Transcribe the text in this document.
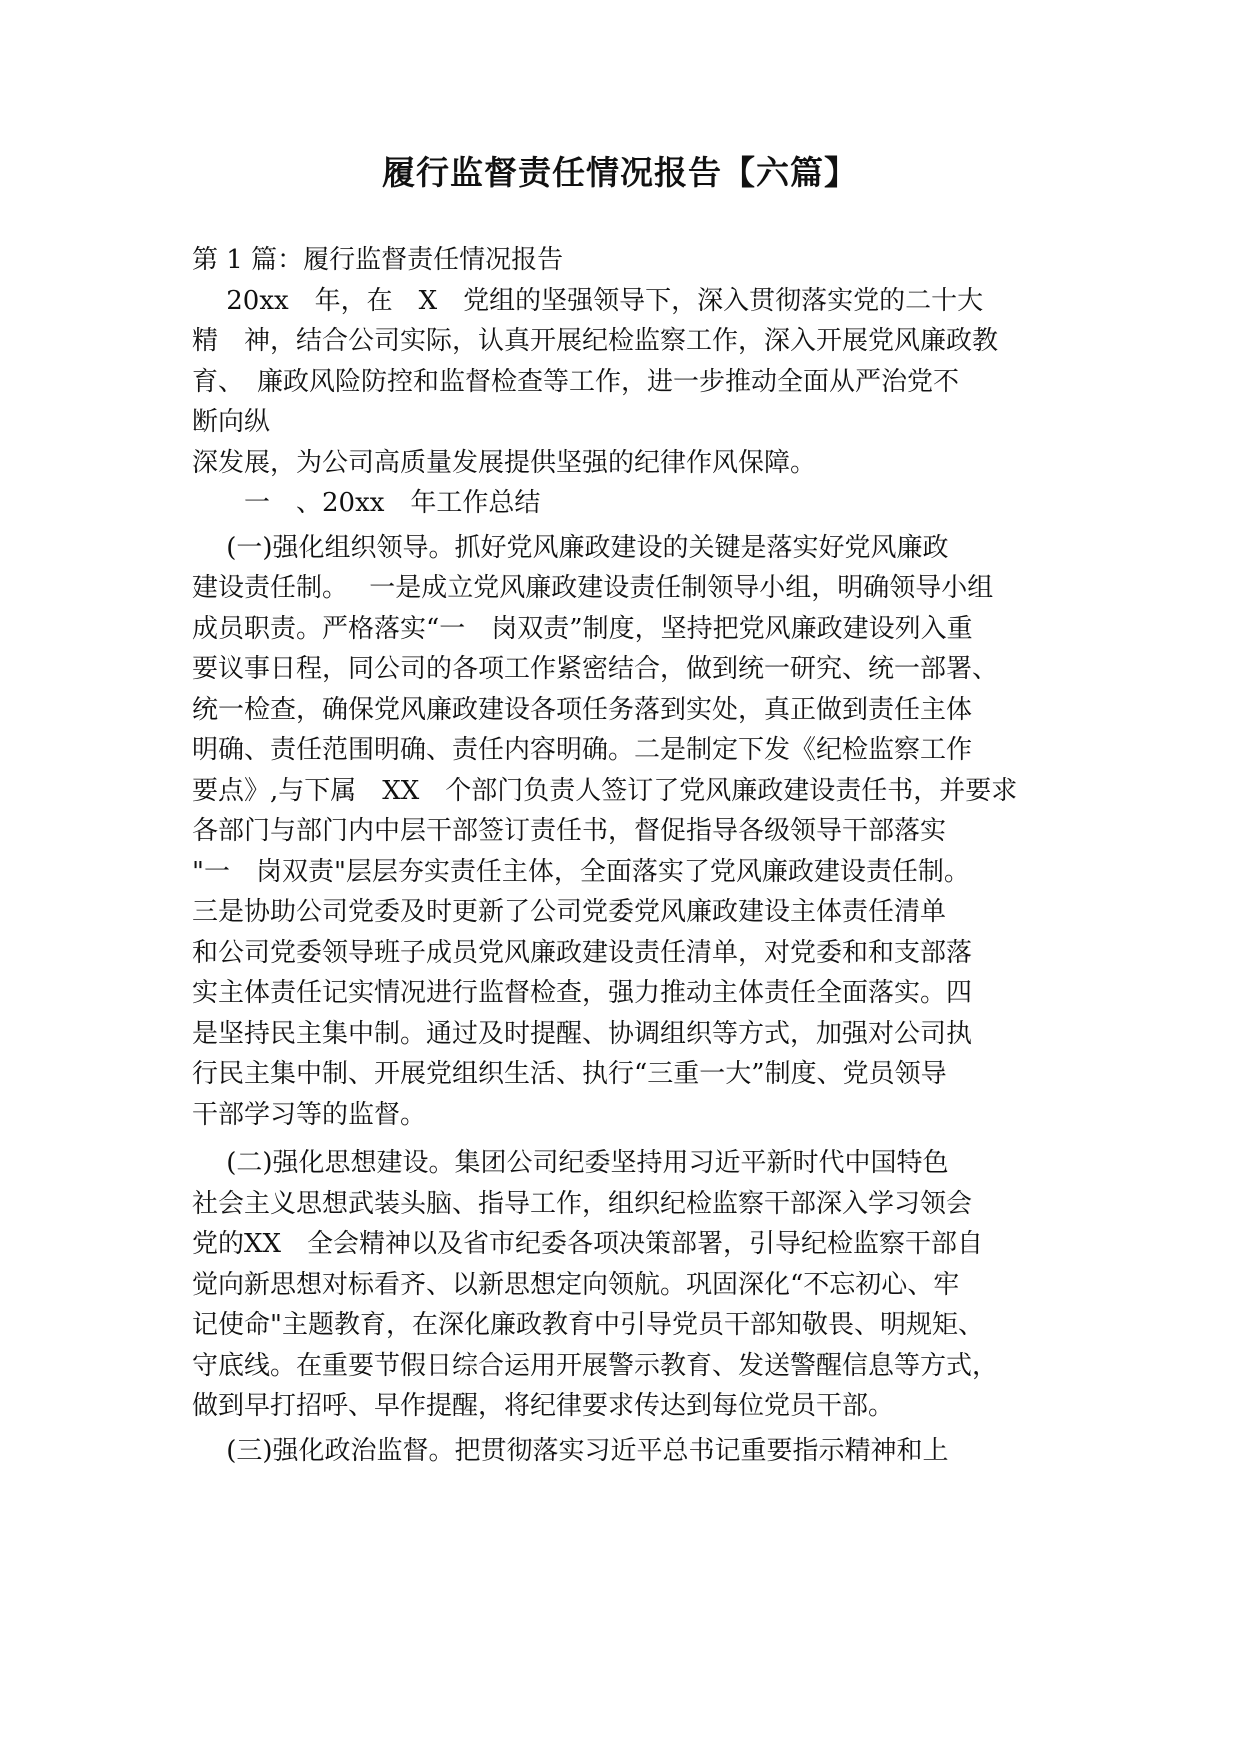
履行监督责任情况报告【六篇】

第 1 篇：履行监督责任情况报告

　 20xx　年，在　X　党组的坚强领导下，深入贯彻落实党的二十大
精　神，结合公司实际，认真开展纪检监察工作，深入开展党风廉政教
育、　廉政风险防控和监督检查等工作，进一步推动全面从严治党不
断向纵
深发展，为公司高质量发展提供坚强的纪律作风保障。

　　一　、20xx　年工作总结

　 (一)强化组织领导。抓好党风廉政建设的关键是落实好党风廉政
建设责任制。　 一是成立党风廉政建设责任制领导小组，明确领导小组
成员职责。严格落实“一　岗双责”制度，坚持把党风廉政建设列入重
要议事日程，同公司的各项工作紧密结合，做到统一研究、统一部署、
统一检查，确保党风廉政建设各项任务落到实处，真正做到责任主体
明确、责任范围明确、责任内容明确。二是制定下发《纪检监察工作
要点》,与下属　XX　个部门负责人签订了党风廉政建设责任书，并要求
各部门与部门内中层干部签订责任书，督促指导各级领导干部落实
"一　岗双责"层层夯实责任主体，全面落实了党风廉政建设责任制。
三是协助公司党委及时更新了公司党委党风廉政建设主体责任清单
和公司党委领导班子成员党风廉政建设责任清单，对党委和和支部落
实主体责任记实情况进行监督检查，强力推动主体责任全面落实。四
是坚持民主集中制。通过及时提醒、协调组织等方式，加强对公司执
行民主集中制、开展党组织生活、执行“三重一大”制度、党员领导
干部学习等的监督。

　 (二)强化思想建设。集团公司纪委坚持用习近平新时代中国特色
社会主义思想武装头脑、指导工作，组织纪检监察干部深入学习领会
党的XX　全会精神以及省市纪委各项决策部署，引导纪检监察干部自
觉向新思想对标看齐、以新思想定向领航。巩固深化“不忘初心、牢
记使命"主题教育，在深化廉政教育中引导党员干部知敬畏、明规矩、
守底线。在重要节假日综合运用开展警示教育、发送警醒信息等方式，
做到早打招呼、早作提醒，将纪律要求传达到每位党员干部。

　 (三)强化政治监督。把贯彻落实习近平总书记重要指示精神和上
